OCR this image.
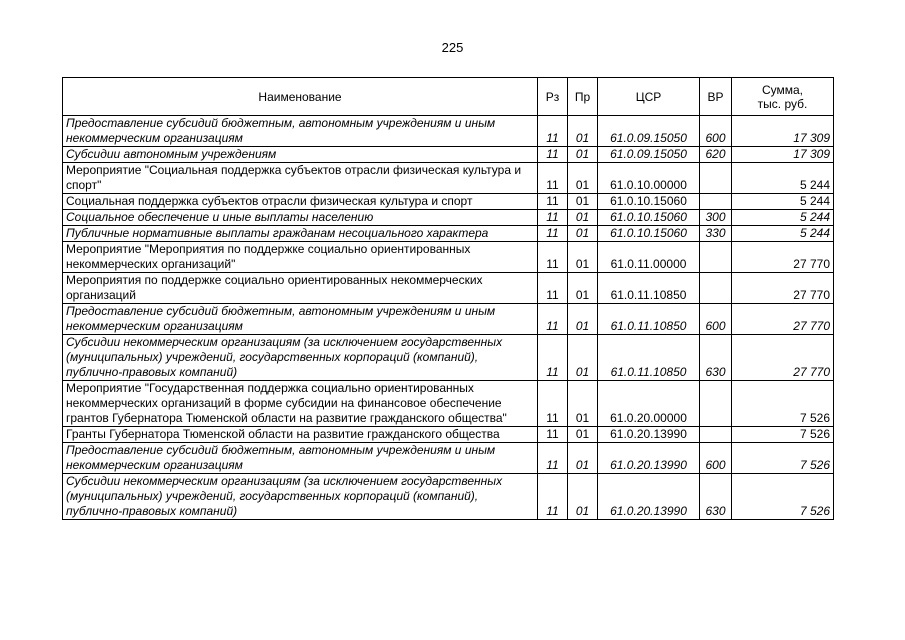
225
Наименование	Рз	Пр	ЦСР	ВР	Сумма,
тыс. руб.

Предоставление субсидий бюджетным, автономным учреждениям и иным некоммерческим организациям	11	01	61.0.09.15050	600	17 309
Субсидии автономным учреждениям	11	01	61.0.09.15050	620	17 309
Мероприятие "Социальная поддержка субъектов отрасли физическая культура и спорт"	11	01	61.0.10.00000		5 244
Социальная поддержка субъектов отрасли физическая культура и спорт	11	01	61.0.10.15060		5 244
Социальное обеспечение и иные выплаты населению	11	01	61.0.10.15060	300	5 244
Публичные нормативные выплаты гражданам несоциального характера	11	01	61.0.10.15060	330	5 244
Мероприятие "Мероприятия по поддержке социально ориентированных некоммерческих организаций"	11	01	61.0.11.00000		27 770
Мероприятия по поддержке социально ориентированных некоммерческих организаций	11	01	61.0.11.10850		27 770
Предоставление субсидий бюджетным, автономным учреждениям и иным некоммерческим организациям	11	01	61.0.11.10850	600	27 770
Субсидии некоммерческим организациям (за исключением государственных (муниципальных) учреждений, государственных корпораций (компаний), публично-правовых компаний)	11	01	61.0.11.10850	630	27 770
Мероприятие "Государственная поддержка социально ориентированных некоммерческих организаций в форме субсидии на финансовое обеспечение грантов Губернатора Тюменской области на развитие гражданского общества"	11	01	61.0.20.00000		7 526
Гранты Губернатора Тюменской области на развитие гражданского общества	11	01	61.0.20.13990		7 526
Предоставление субсидий бюджетным, автономным учреждениям и иным некоммерческим организациям	11	01	61.0.20.13990	600	7 526
Субсидии некоммерческим организациям (за исключением государственных (муниципальных) учреждений, государственных корпораций (компаний), публично-правовых компаний)	11	01	61.0.20.13990	630	7 526
